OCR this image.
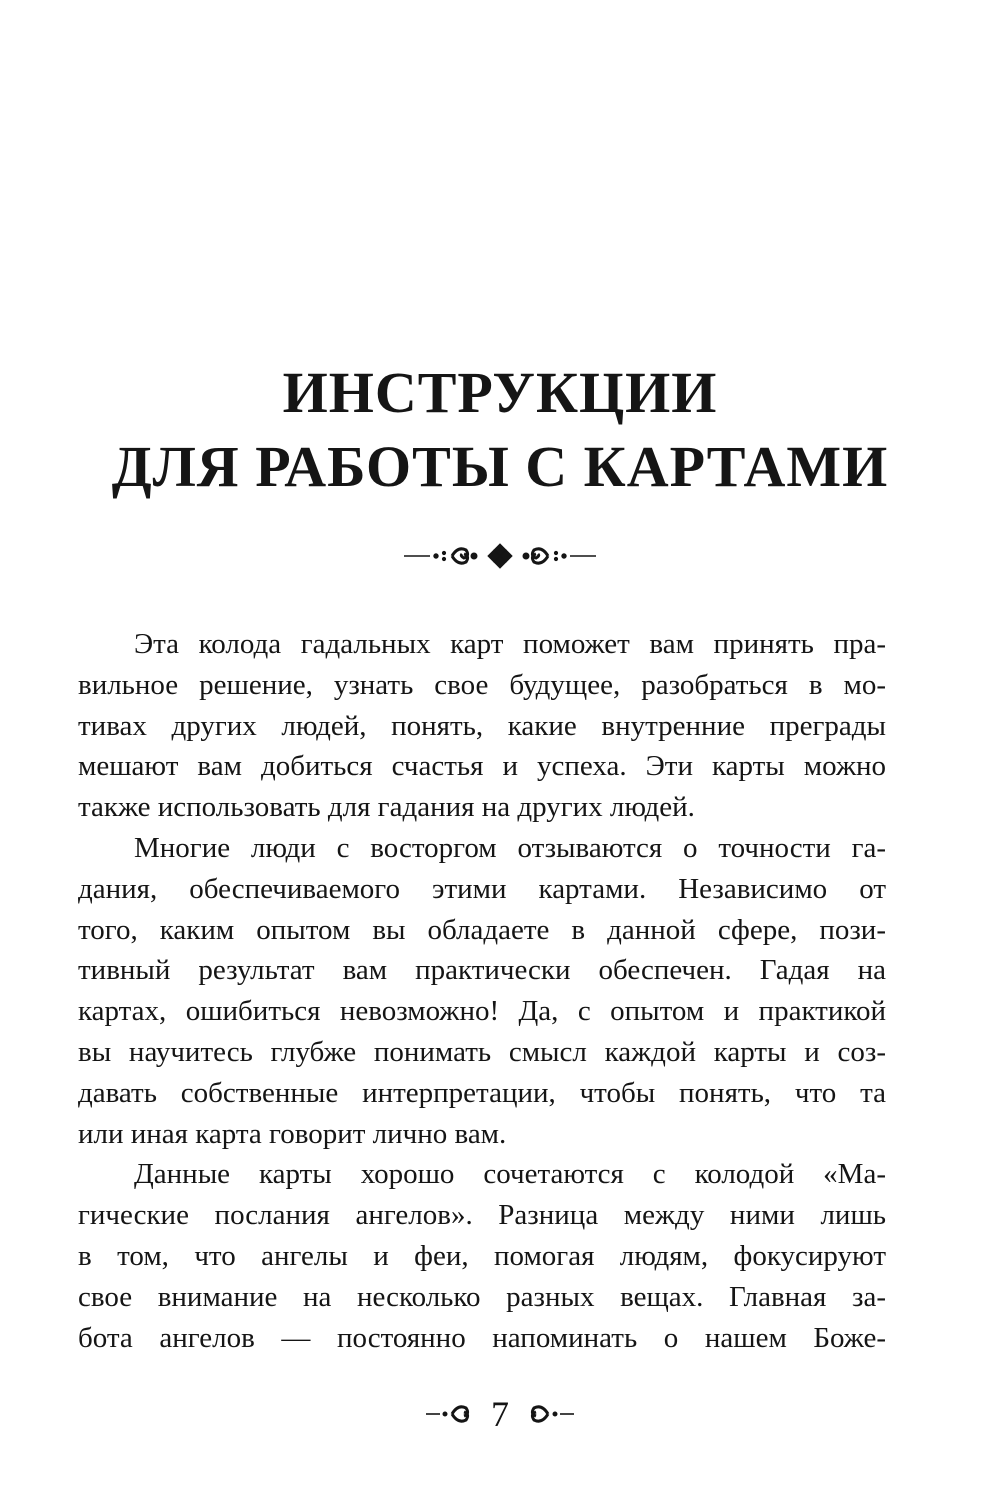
ИНСТРУКЦИИ
ДЛЯ РАБОТЫ С КАРТАМИ
Эта колода гадальных карт поможет вам принять пра-
вильное решение, узнать свое будущее, разобраться в мо-
тивах других людей, понять, какие внутренние преграды
мешают вам добиться счастья и успеха. Эти карты можно
также использовать для гадания на других людей.
Многие люди с восторгом отзываются о точности га-
дания, обеспечиваемого этими картами. Независимо от
того, каким опытом вы обладаете в данной сфере, пози-
тивный результат вам практически обеспечен. Гадая на
картах, ошибиться невозможно! Да, с опытом и практикой
вы научитесь глубже понимать смысл каждой карты и соз-
давать собственные интерпретации, чтобы понять, что та
или иная карта говорит лично вам.
Данные карты хорошо сочетаются с колодой «Ма-
гические послания ангелов». Разница между ними лишь
в том, что ангелы и феи, помогая людям, фокусируют
свое внимание на несколько разных вещах. Главная за-
бота ангелов — постоянно напоминать о нашем Боже-
7
